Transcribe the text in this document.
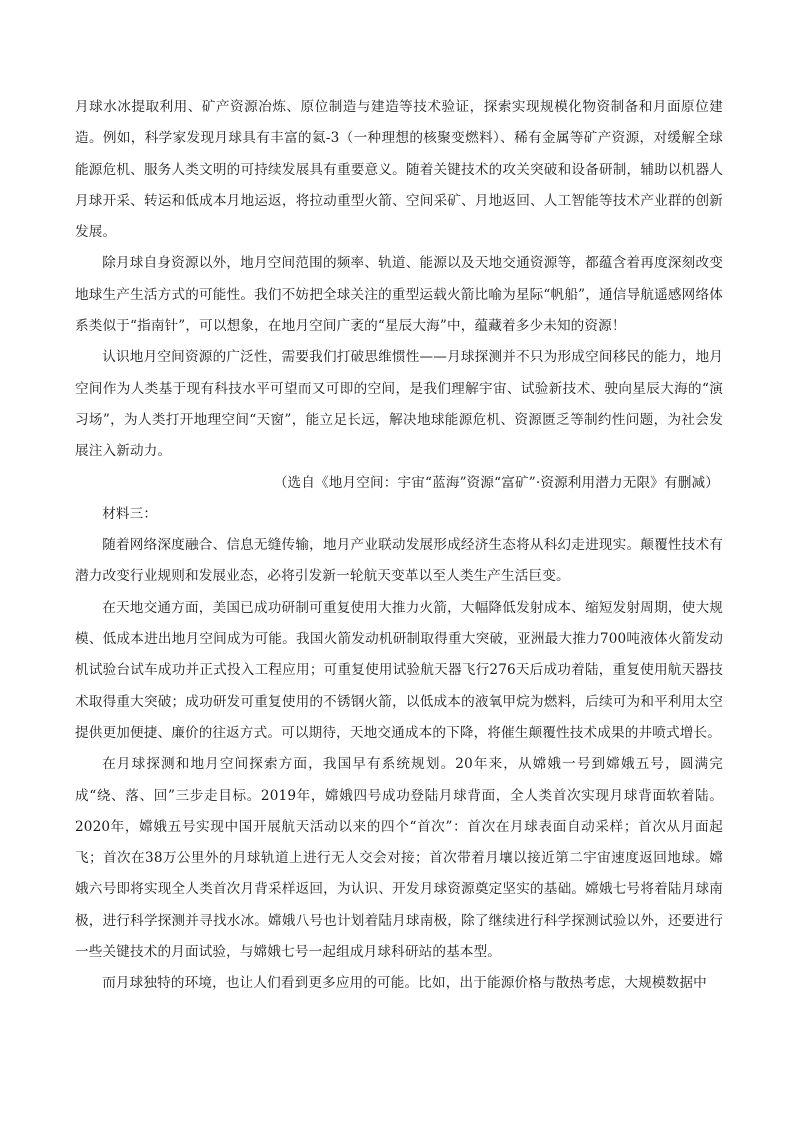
月球水冰提取利用、矿产资源冶炼、原位制造与建造等技术验证，探索实现规模化物资制备和月面原位建造。例如，科学家发现月球具有丰富的氦-3（一种理想的核聚变燃料）、稀有金属等矿产资源，对缓解全球能源危机、服务人类文明的可持续发展具有重要意义。随着关键技术的攻关突破和设备研制，辅助以机器人月球开采、转运和低成本月地运返，将拉动重型火箭、空间采矿、月地返回、人工智能等技术产业群的创新发展。

除月球自身资源以外，地月空间范围的频率、轨道、能源以及天地交通资源等，都蕴含着再度深刻改变地球生产生活方式的可能性。我们不妨把全球关注的重型运载火箭比喻为星际“帆船”，通信导航遥感网络体系类似于“指南针”，可以想象，在地月空间广袤的“星辰大海”中，蕴藏着多少未知的资源！

认识地月空间资源的广泛性，需要我们打破思维惯性——月球探测并不只为形成空间移民的能力，地月空间作为人类基于现有科技水平可望而又可即的空间，是我们理解宇宙、试验新技术、驶向星辰大海的“演习场”，为人类打开地理空间“天窗”，能立足长远，解决地球能源危机、资源匮乏等制约性问题，为社会发展注入新动力。

（选自《地月空间：宇宙“蓝海”资源“富矿”·资源利用潜力无限》有删减）

材料三：

随着网络深度融合、信息无缝传输，地月产业联动发展形成经济生态将从科幻走进现实。颠覆性技术有潜力改变行业规则和发展业态，必将引发新一轮航天变革以至人类生产生活巨变。

在天地交通方面，美国已成功研制可重复使用大推力火箭，大幅降低发射成本、缩短发射周期，使大规模、低成本进出地月空间成为可能。我国火箭发动机研制取得重大突破，亚洲最大推力700吨液体火箭发动机试验台试车成功并正式投入工程应用；可重复使用试验航天器飞行276天后成功着陆，重复使用航天器技术取得重大突破；成功研发可重复使用的不锈钢火箭，以低成本的液氧甲烷为燃料，后续可为和平利用太空提供更加便捷、廉价的往返方式。可以期待，天地交通成本的下降，将催生颠覆性技术成果的井喷式增长。

在月球探测和地月空间探索方面，我国早有系统规划。20年来，从嫦娥一号到嫦娥五号，圆满完成“绕、落、回”三步走目标。2019年，嫦娥四号成功登陆月球背面，全人类首次实现月球背面软着陆。2020年，嫦娥五号实现中国开展航天活动以来的四个“首次”：首次在月球表面自动采样；首次从月面起飞；首次在38万公里外的月球轨道上进行无人交会对接；首次带着月壤以接近第二宇宙速度返回地球。嫦娥六号即将实现全人类首次月背采样返回，为认识、开发月球资源奠定坚实的基础。嫦娥七号将着陆月球南极，进行科学探测并寻找水冰。嫦娥八号也计划着陆月球南极，除了继续进行科学探测试验以外，还要进行一些关键技术的月面试验，与嫦娥七号一起组成月球科研站的基本型。

而月球独特的环境，也让人们看到更多应用的可能。比如，出于能源价格与散热考虑，大规模数据中
